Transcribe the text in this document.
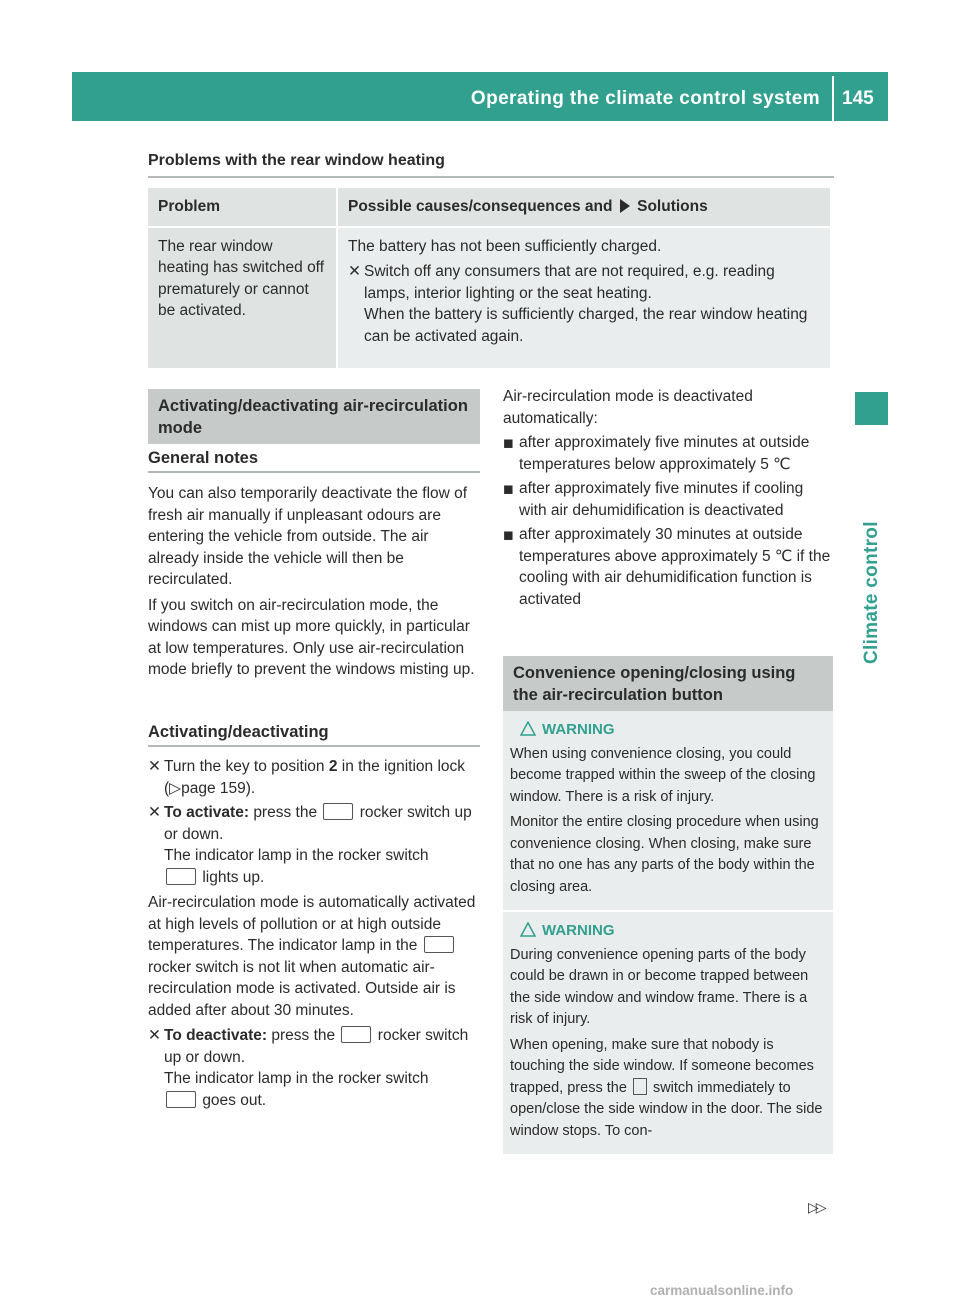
Operating the climate control system	145
Climate control
Problems with the rear window heating
Problem	Possible causes/consequences and Solutions

The rear window heating has switched off prematurely or cannot be activated.	The battery has not been sufficiently charged.
✕ Switch off any consumers that are not required, e.g. reading lamps, interior lighting or the seat heating.
When the battery is sufficiently charged, the rear window heating can be activated again.
Activating/deactivating air-recirculation mode
General notes

You can also temporarily deactivate the flow of fresh air manually if unpleasant odours are entering the vehicle from outside. The air already inside the vehicle will then be recirculated.

If you switch on air-recirculation mode, the windows can mist up more quickly, in particular at low temperatures. Only use air-recirculation mode briefly to prevent the windows misting up.

Activating/deactivating
✕ Turn the key to position 2 in the ignition lock (▷page 159).
✕ To activate: press the	rocker switch up or down.
The indicator lamp in the rocker switch
lights up.

Air-recirculation mode is automatically activated at high levels of pollution or at high outside temperatures. The indicator lamp in the  rocker switch is not lit when automatic air-recirculation mode is activated. Outside air is added after about 30 minutes.

✕ To deactivate: press the	rocker switch up or down.
The indicator lamp in the rocker switch
goes out.

Air-recirculation mode is deactivated automatically:

◼ after approximately five minutes at outside temperatures below approximately 5 ℃
◼ after approximately five minutes if cooling with air dehumidification is deactivated
◼ after approximately 30 minutes at outside temperatures above approximately 5 ℃ if the cooling with air dehumidification function is activated
Convenience opening/closing using the air-recirculation button
WARNING

When using convenience closing, you could become trapped within the sweep of the closing window. There is a risk of injury.

Monitor the entire closing procedure when using convenience closing. When closing, make sure that no one has any parts of the body within the closing area.

WARNING

During convenience opening parts of the body could be drawn in or become trapped between the side window and window frame. There is a risk of injury.

When opening, make sure that nobody is touching the side window. If someone becomes trapped, press the switch immediately to open/close the side window in the door. The side window stops. To con-

▷▷
carmanualsonline.info
